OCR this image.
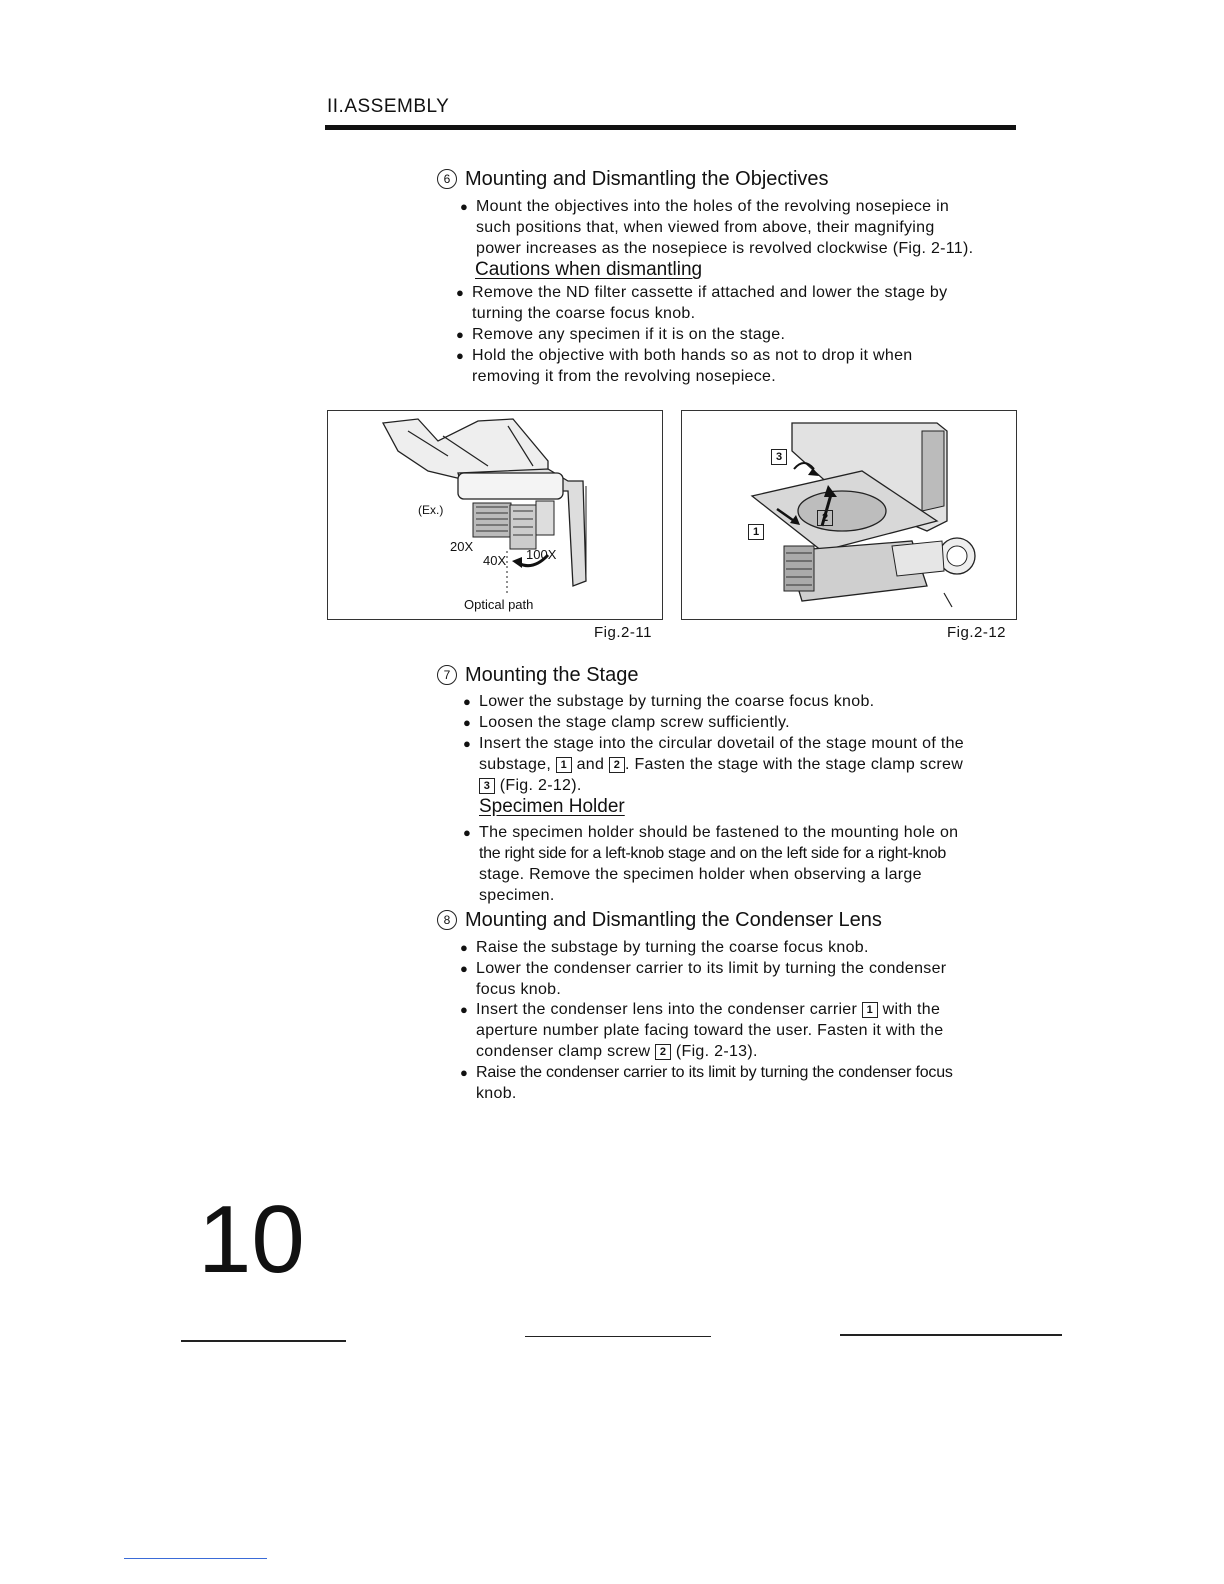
II.ASSEMBLY
6 Mounting and Dismantling the Objectives
● Mount the objectives into the holes of the revolving nosepiece in
such positions that, when viewed from above, their magnifying
power increases as the nosepiece is revolved clockwise (Fig. 2-11).
Cautions when dismantling
● Remove the ND filter cassette if attached and lower the stage by
turning the coarse focus knob.
● Remove any specimen if it is on the stage.
● Hold the objective with both hands so as not to drop it when
removing it from the revolving nosepiece.
(Ex.)
20X
40X 100X
Optical path
Fig.2-11
3
1
2
Fig.2-12
7 Mounting the Stage
● Lower the substage by turning the coarse focus knob.
● Loosen the stage clamp screw sufficiently.
● Insert the stage into the circular dovetail of the stage mount of the
substage, 1 and 2 . Fasten the stage with the stage clamp screw
3 (Fig. 2-12).
Specimen Holder
● The specimen holder should be fastened to the mounting hole on
the right side for a left-knob stage and on the left side for a right-knob
stage. Remove the specimen holder when observing a large
specimen.
8 Mounting and Dismantling the Condenser Lens
● Raise the substage by turning the coarse focus knob.
● Lower the condenser carrier to its limit by turning the condenser
focus knob.
● Insert the condenser lens into the condenser carrier 1 with the
aperture number plate facing toward the user. Fasten it with the
condenser clamp screw 2 (Fig. 2-13).
● Raise the condenser carrier to its limit by turning the condenser focus
knob.
10
